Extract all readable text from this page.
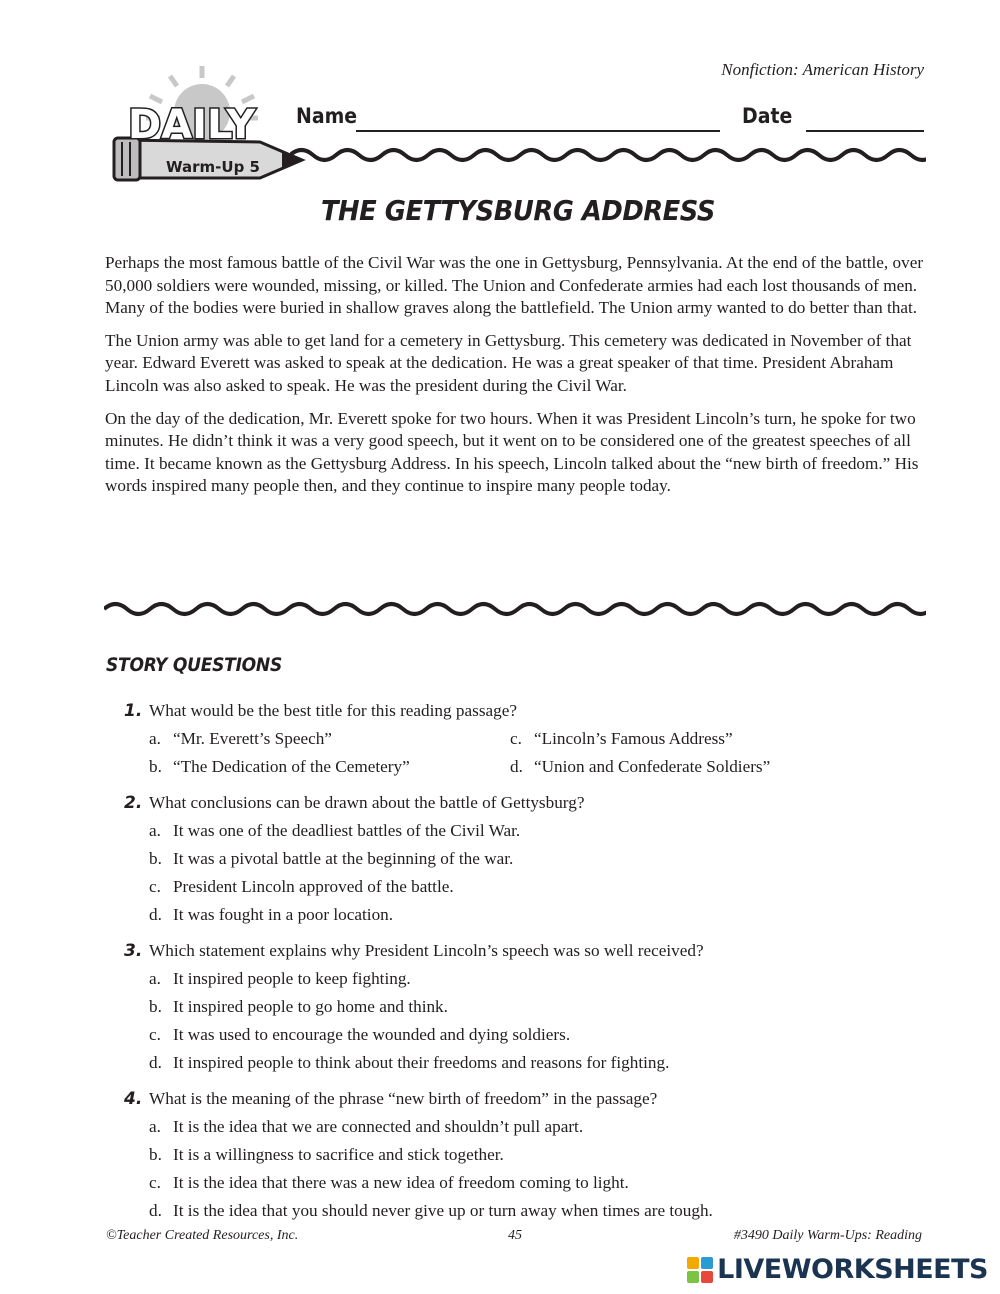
Nonfiction: American History
DAILY
Warm-Up 5
Name	Date
THE GETTYSBURG ADDRESS

Perhaps the most famous battle of the Civil War was the one in Gettysburg, Pennsylvania. At the end of the battle, over 50,000 soldiers were wounded, missing, or killed. The Union and Confederate armies had each lost thousands of men. Many of the bodies were buried in shallow graves along the battlefield. The Union army wanted to do better than that.

The Union army was able to get land for a cemetery in Gettysburg. This cemetery was dedicated in November of that year. Edward Everett was asked to speak at the dedication. He was a great speaker of that time. President Abraham Lincoln was also asked to speak. He was the president during the Civil War.

On the day of the dedication, Mr. Everett spoke for two hours. When it was President Lincoln’s turn, he spoke for two minutes. He didn’t think it was a very good speech, but it went on to be considered one of the greatest speeches of all time. It became known as the Gettysburg Address. In his speech, Lincoln talked about the “new birth of freedom.” His words inspired many people then, and they continue to inspire many people today.

STORY QUESTIONS
1. What would be the best title for this reading passage?
a. “Mr. Everett’s Speech”
b. “The Dedication of the Cemetery”
c. “Lincoln’s Famous Address”
d. “Union and Confederate Soldiers”
2. What conclusions can be drawn about the battle of Gettysburg?
a. It was one of the deadliest battles of the Civil War.
b. It was a pivotal battle at the beginning of the war.
c. President Lincoln approved of the battle.
d. It was fought in a poor location.
3. Which statement explains why President Lincoln’s speech was so well received?
a. It inspired people to keep fighting.
b. It inspired people to go home and think.
c. It was used to encourage the wounded and dying soldiers.
d. It inspired people to think about their freedoms and reasons for fighting.
4. What is the meaning of the phrase “new birth of freedom” in the passage?
a. It is the idea that we are connected and shouldn’t pull apart.
b. It is a willingness to sacrifice and stick together.
c. It is the idea that there was a new idea of freedom coming to light.
d. It is the idea that you should never give up or turn away when times are tough.
©Teacher Created Resources, Inc.	45	#3490 Daily Warm-Ups: Reading
LIVEWORKSHEETS
